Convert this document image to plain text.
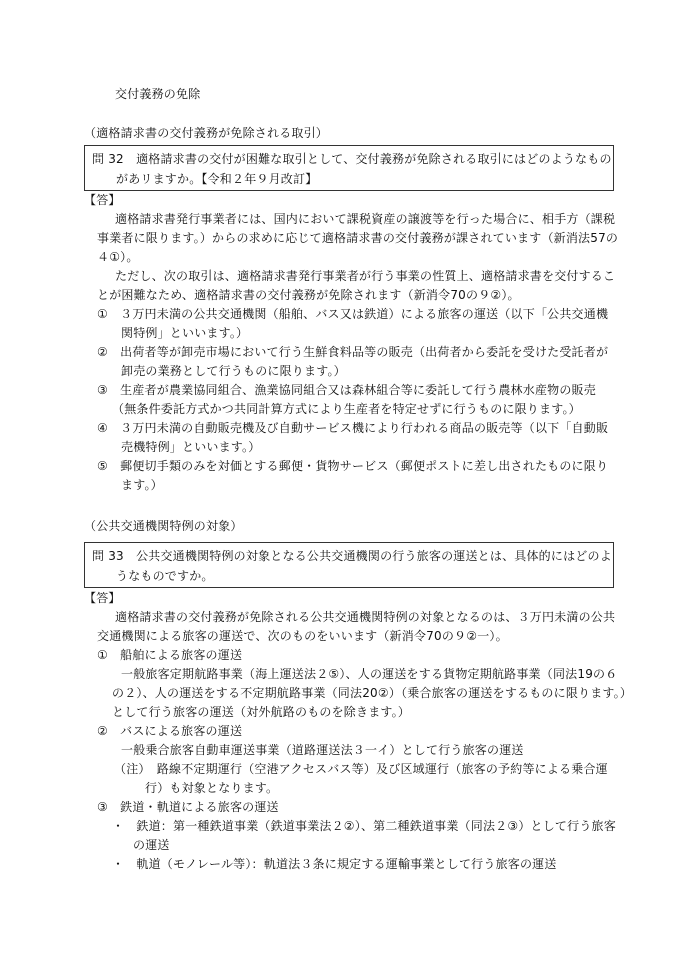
交付義務の免除
（適格請求書の交付義務が免除される取引）
問 32　適格請求書の交付が困難な取引として、交付義務が免除される取引にはどのようなもの
があリますか。【令和２年９月改訂】
【答】
適格請求書発行事業者には、国内において課税資産の譲渡等を行った場合に、相手方（課税
事業者に限ります。）からの求めに応じて適格請求書の交付義務が課されています（新消法57の
４①）。
ただし、次の取引は、適格請求書発行事業者が行う事業の性質上、適格請求書を交付するこ
とが困難なため、適格請求書の交付義務が免除されます（新消令70の９②）。
①　３万円未満の公共交通機関（船舶、バス又は鉄道）による旅客の運送（以下「公共交通機
関特例」といいます。）
②　出荷者等が卸売市場において行う生鮮食料品等の販売（出荷者から委託を受けた受託者が
卸売の業務として行うものに限ります。）
③　生産者が農業協同組合、漁業協同組合又は森林組合等に委託して行う農林水産物の販売
（無条件委託方式かつ共同計算方式により生産者を特定せずに行うものに限ります。）
④　３万円未満の自動販売機及び自動サービス機により行われる商品の販売等（以下「自動販
売機特例」といいます。）
⑤　郵便切手類のみを対価とする郵便・貨物サービス（郵便ポストに差し出されたものに限り
ます。）
（公共交通機関特例の対象）
問 33　公共交通機関特例の対象となる公共交通機関の行う旅客の運送とは、具体的にはどのよ
うなものですか。
【答】
適格請求書の交付義務が免除される公共交通機関特例の対象となるのは、３万円未満の公共
交通機関による旅客の運送で、次のものをいいます（新消令70の９②一）。
①　船舶による旅客の運送
一般旅客定期航路事業（海上運送法２⑤）、人の運送をする貨物定期航路事業（同法19の６
の２）、人の運送をする不定期航路事業（同法20②）（乗合旅客の運送をするものに限ります。）
として行う旅客の運送（対外航路のものを除きます。）
②　バスによる旅客の運送
一般乗合旅客自動車運送事業（道路運送法３一イ）として行う旅客の運送
（注）　路線不定期運行（空港アクセスバス等）及び区域運行（旅客の予約等による乗合運
行）も対象となります。
③　鉄道・軌道による旅客の運送
・　鉄道：第一種鉄道事業（鉄道事業法２②）、第二種鉄道事業（同法２③）として行う旅客
の運送
・　軌道（モノレール等）：軌道法３条に規定する運輸事業として行う旅客の運送
